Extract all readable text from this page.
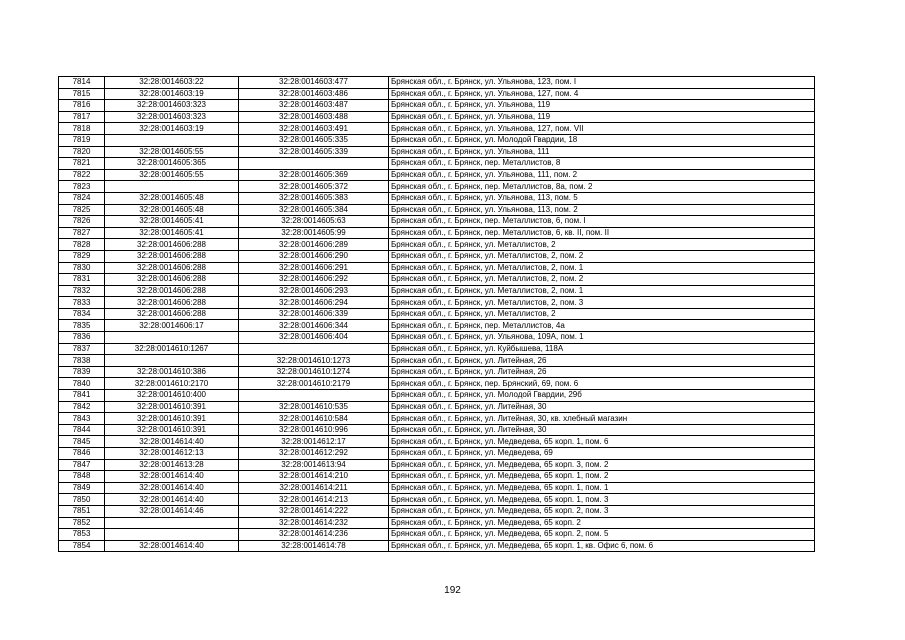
7814	32:28:0014603:22	32:28:0014603:477	Брянская обл., г. Брянск, ул. Ульянова, 123, пом. I
7815	32:28:0014603:19	32:28:0014603:486	Брянская обл., г. Брянск, ул. Ульянова, 127, пом. 4
7816	32:28:0014603:323	32:28:0014603:487	Брянская обл., г. Брянск, ул. Ульянова, 119
7817	32:28:0014603:323	32:28:0014603:488	Брянская обл., г. Брянск, ул. Ульянова, 119
7818	32:28:0014603:19	32:28:0014603:491	Брянская обл., г. Брянск, ул. Ульянова, 127, пом. VII
7819		32:28:0014605:335	Брянская обл., г. Брянск, ул. Молодой Гвардии, 18
7820	32:28:0014605:55	32:28:0014605:339	Брянская обл., г. Брянск, ул. Ульянова, 111
7821	32:28:0014605:365		Брянская обл., г. Брянск, пер. Металлистов, 8
7822	32:28:0014605:55	32:28:0014605:369	Брянская обл., г. Брянск, ул. Ульянова, 111, пом. 2
7823		32:28:0014605:372	Брянская обл., г. Брянск, пер. Металлистов, 8а, пом. 2
7824	32:28:0014605:48	32:28:0014605:383	Брянская обл., г. Брянск, ул. Ульянова, 113, пом. 5
7825	32:28:0014605:48	32:28:0014605:384	Брянская обл., г. Брянск, ул. Ульянова, 113, пом. 2
7826	32:28:0014605:41	32:28:0014605:63	Брянская обл., г. Брянск, пер. Металлистов, 6, пом. I
7827	32:28:0014605:41	32:28:0014605:99	Брянская обл., г. Брянск, пер. Металлистов, 6, кв. II, пом. II
7828	32:28:0014606:288	32:28:0014606:289	Брянская обл., г. Брянск, ул. Металлистов, 2
7829	32:28:0014606:288	32:28:0014606:290	Брянская обл., г. Брянск, ул. Металлистов, 2, пом. 2
7830	32:28:0014606:288	32:28:0014606:291	Брянская обл., г. Брянск, ул. Металлистов, 2, пом. 1
7831	32:28:0014606:288	32:28:0014606:292	Брянская обл., г. Брянск, ул. Металлистов, 2, пом. 2
7832	32:28:0014606:288	32:28:0014606:293	Брянская обл., г. Брянск, ул. Металлистов, 2, пом. 1
7833	32:28:0014606:288	32:28:0014606:294	Брянская обл., г. Брянск, ул. Металлистов, 2, пом. 3
7834	32:28:0014606:288	32:28:0014606:339	Брянская обл., г. Брянск, ул. Металлистов, 2
7835	32:28:0014606:17	32:28:0014606:344	Брянская обл., г. Брянск, пер. Металлистов, 4а
7836		32:28:0014606:404	Брянская обл., г. Брянск, ул. Ульянова, 109А, пом. 1
7837	32:28:0014610:1267		Брянская обл., г. Брянск, ул. Куйбышева, 118А
7838		32:28:0014610:1273	Брянская обл., г. Брянск, ул. Литейная, 26
7839	32:28:0014610:386	32:28:0014610:1274	Брянская обл., г. Брянск, ул. Литейная, 26
7840	32:28:0014610:2170	32:28:0014610:2179	Брянская обл., г. Брянск, пер. Брянский, 69, пом. 6
7841	32:28:0014610:400		Брянская обл., г. Брянск, ул. Молодой Гвардии, 29б
7842	32:28:0014610:391	32:28:0014610:535	Брянская обл., г. Брянск, ул. Литейная, 30
7843	32:28:0014610:391	32:28:0014610:584	Брянская обл., г. Брянск, ул. Литейная, 30, кв. хлебный магазин
7844	32:28:0014610:391	32:28:0014610:996	Брянская обл., г. Брянск, ул. Литейная, 30
7845	32:28:0014614:40	32:28:0014612:17	Брянская обл., г. Брянск, ул. Медведева, 65 корп. 1, пом. 6
7846	32:28:0014612:13	32:28:0014612:292	Брянская обл., г. Брянск, ул. Медведева, 69
7847	32:28:0014613:28	32:28:0014613:94	Брянская обл., г. Брянск, ул. Медведева, 65 корп. 3, пом. 2
7848	32:28:0014614:40	32:28:0014614:210	Брянская обл., г. Брянск, ул. Медведева, 65 корп. 1, пом. 2
7849	32:28:0014614:40	32:28:0014614:211	Брянская обл., г. Брянск, ул. Медведева, 65 корп. 1, пом. 1
7850	32:28:0014614:40	32:28:0014614:213	Брянская обл., г. Брянск, ул. Медведева, 65 корп. 1, пом. 3
7851	32:28:0014614:46	32:28:0014614:222	Брянская обл., г. Брянск, ул. Медведева, 65 корп. 2, пом. 3
7852		32:28:0014614:232	Брянская обл., г. Брянск, ул. Медведева, 65 корп. 2
7853		32:28:0014614:236	Брянская обл., г. Брянск, ул. Медведева, 65 корп. 2, пом. 5
7854	32:28:0014614:40	32:28:0014614:78	Брянская обл., г. Брянск, ул. Медведева, 65 корп. 1, кв. Офис 6, пом. 6
192
